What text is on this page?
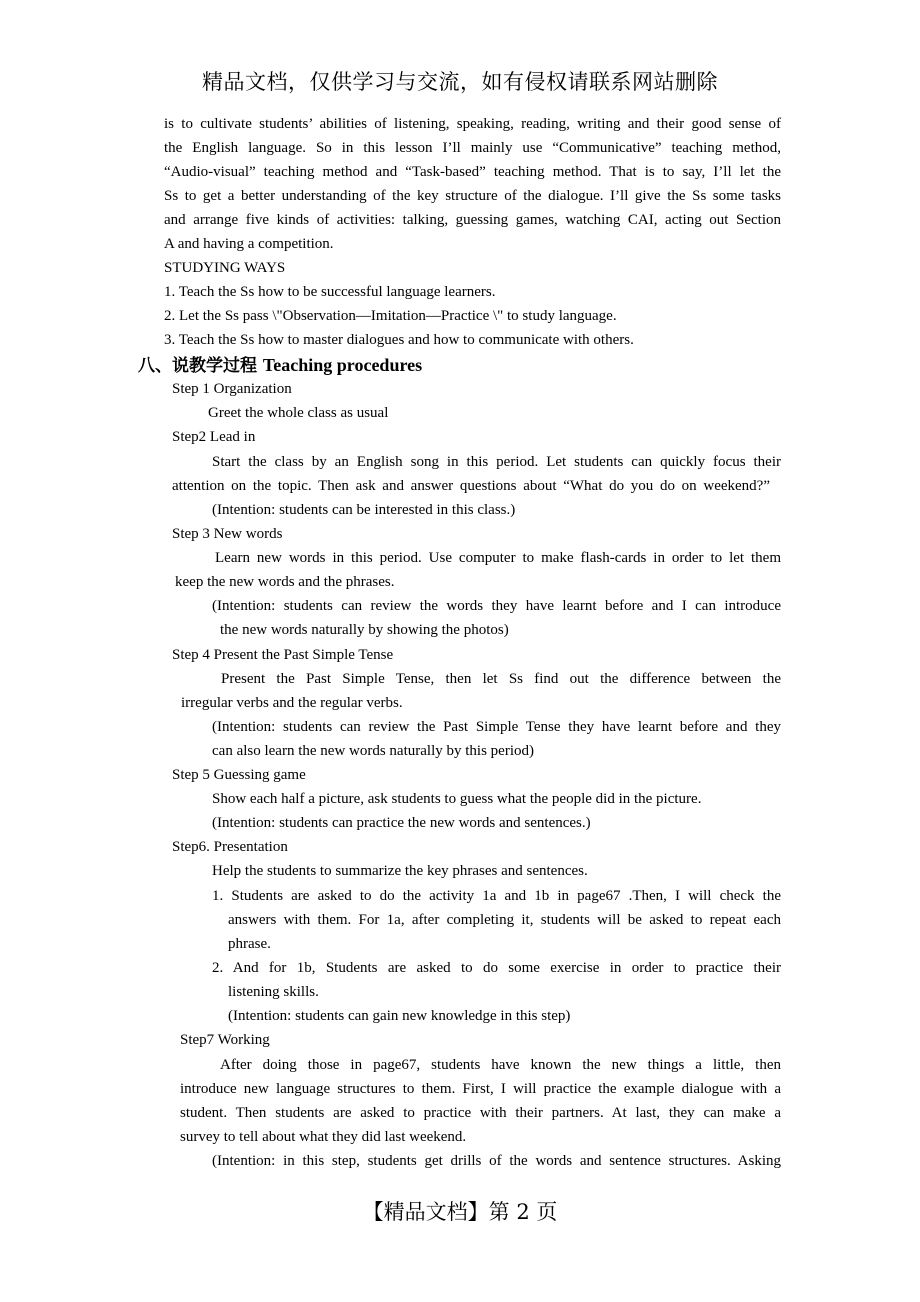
精品文档，仅供学习与交流，如有侵权请联系网站删除
is to cultivate students’ abilities of listening, speaking, reading, writing and their good sense of
the English language. So in this lesson I’ll mainly use “Communicative” teaching method,
“Audio-visual” teaching method and “Task-based” teaching method. That is to say, I’ll let the
Ss to get a better understanding of the key structure of the dialogue. I’ll give the Ss some tasks
and arrange five kinds of activities: talking, guessing games, watching CAI, acting out Section
A and having a competition.
STUDYING WAYS
1. Teach the Ss how to be successful language learners.
2. Let the Ss pass \"Observation—Imitation—Practice \" to study language.
3. Teach the Ss how to master dialogues and how to communicate with others.
八、说教学过程 Teaching procedures
Step 1 Organization
Greet the whole class as usual
Step2 Lead in
Start the class by an English song in this period. Let students can quickly focus their
attention on the topic. Then ask and answer questions about “What do you do on weekend?”
(Intention: students can be interested in this class.)
Step 3 New words
Learn new words in this period. Use computer to make flash-cards in order to let them
keep the new words and the phrases.
(Intention: students can review the words they have learnt before and I can introduce
the new words naturally by showing the photos)
Step 4 Present the Past Simple Tense
Present the Past Simple Tense, then let Ss find out the difference between the
irregular verbs and the regular verbs.
(Intention: students can review the Past Simple Tense they have learnt before and they
can also learn the new words naturally by this period)
Step 5 Guessing game
Show each half a picture, ask students to guess what the people did in the picture.
(Intention: students can practice the new words and sentences.)
Step6. Presentation
Help the students to summarize the key phrases and sentences.
1. Students are asked to do the activity 1a and 1b in page67 .Then, I will check the
answers with them. For 1a, after completing it, students will be asked to repeat each
phrase.
2. And for 1b, Students are asked to do some exercise in order to practice their
listening skills.
(Intention: students can gain new knowledge in this step)
Step7 Working
After doing those in page67, students have known the new things a little, then
introduce new language structures to them. First, I will practice the example dialogue with a
student. Then students are asked to practice with their partners. At last, they can make a
survey to tell about what they did last weekend.
(Intention: in this step, students get drills of the words and sentence structures. Asking
【精品文档】第 2 页
